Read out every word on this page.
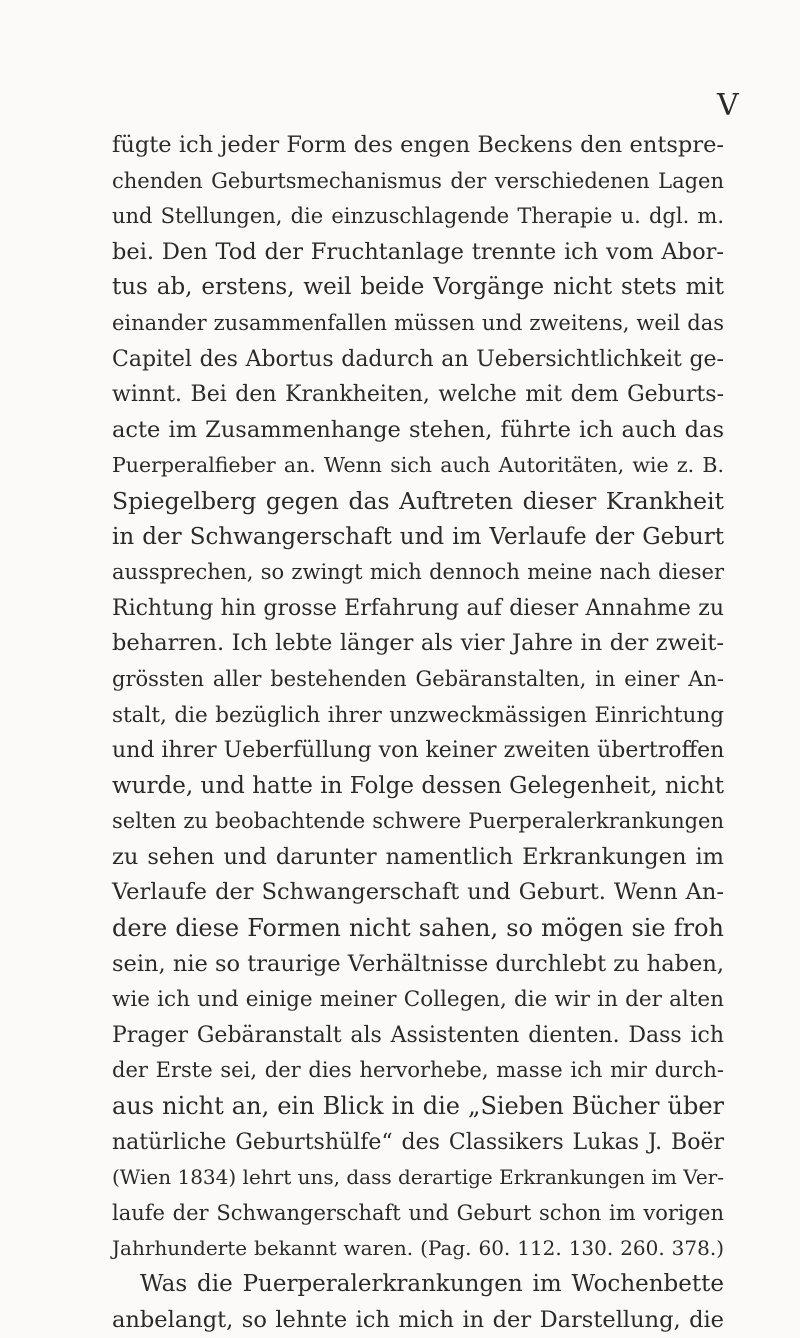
V
fügte ich jeder Form des engen Beckens den entspre-
chenden Geburtsmechanismus der verschiedenen Lagen
und Stellungen, die einzuschlagende Therapie u. dgl. m.
bei. Den Tod der Fruchtanlage trennte ich vom Abor-
tus ab, erstens, weil beide Vorgänge nicht stets mit
einander zusammenfallen müssen und zweitens, weil das
Capitel des Abortus dadurch an Uebersichtlichkeit ge-
winnt. Bei den Krankheiten, welche mit dem Geburts-
acte im Zusammenhange stehen, führte ich auch das
Puerperalfieber an. Wenn sich auch Autoritäten, wie z. B.
Spiegelberg gegen das Auftreten dieser Krankheit
in der Schwangerschaft und im Verlaufe der Geburt
aussprechen, so zwingt mich dennoch meine nach dieser
Richtung hin grosse Erfahrung auf dieser Annahme zu
beharren. Ich lebte länger als vier Jahre in der zweit-
grössten aller bestehenden Gebäranstalten, in einer An-
stalt, die bezüglich ihrer unzweckmässigen Einrichtung
und ihrer Ueberfüllung von keiner zweiten übertroffen
wurde, und hatte in Folge dessen Gelegenheit, nicht
selten zu beobachtende schwere Puerperalerkrankungen
zu sehen und darunter namentlich Erkrankungen im
Verlaufe der Schwangerschaft und Geburt. Wenn An-
dere diese Formen nicht sahen, so mögen sie froh
sein, nie so traurige Verhältnisse durchlebt zu haben,
wie ich und einige meiner Collegen, die wir in der alten
Prager Gebäranstalt als Assistenten dienten. Dass ich
der Erste sei, der dies hervorhebe, masse ich mir durch-
aus nicht an, ein Blick in die „Sieben Bücher über
natürliche Geburtshülfe“ des Classikers Lukas J. Boër
(Wien 1834) lehrt uns, dass derartige Erkrankungen im Ver-
laufe der Schwangerschaft und Geburt schon im vorigen
Jahrhunderte bekannt waren. (Pag. 60. 112. 130. 260. 378.)
Was die Puerperalerkrankungen im Wochenbette
anbelangt, so lehnte ich mich in der Darstellung, die
